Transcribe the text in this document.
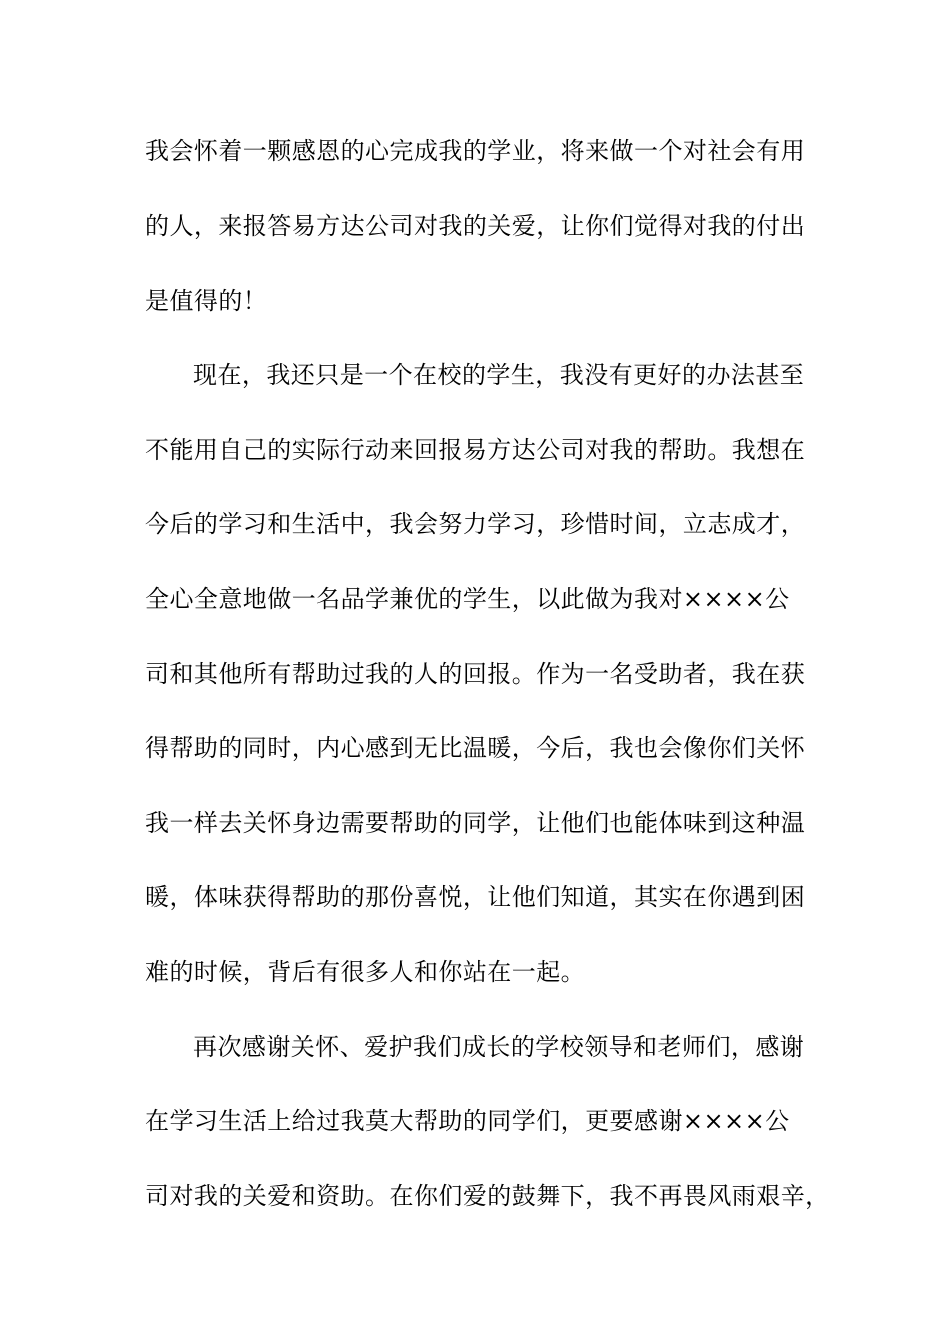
我会怀着一颗感恩的心完成我的学业，将来做一个对社会有用
的人，来报答易方达公司对我的关爱，让你们觉得对我的付出
是值得的！
现在，我还只是一个在校的学生，我没有更好的办法甚至
不能用自己的实际行动来回报易方达公司对我的帮助。我想在
今后的学习和生活中，我会努力学习，珍惜时间，立志成才，
全心全意地做一名品学兼优的学生，以此做为我对××××公
司和其他所有帮助过我的人的回报。作为一名受助者，我在获
得帮助的同时，内心感到无比温暖，今后，我也会像你们关怀
我一样去关怀身边需要帮助的同学，让他们也能体味到这种温
暖，体味获得帮助的那份喜悦，让他们知道，其实在你遇到困
难的时候，背后有很多人和你站在一起。
再次感谢关怀、爱护我们成长的学校领导和老师们，感谢
在学习生活上给过我莫大帮助的同学们，更要感谢××××公
司对我的关爱和资助。在你们爱的鼓舞下，我不再畏风雨艰辛，
